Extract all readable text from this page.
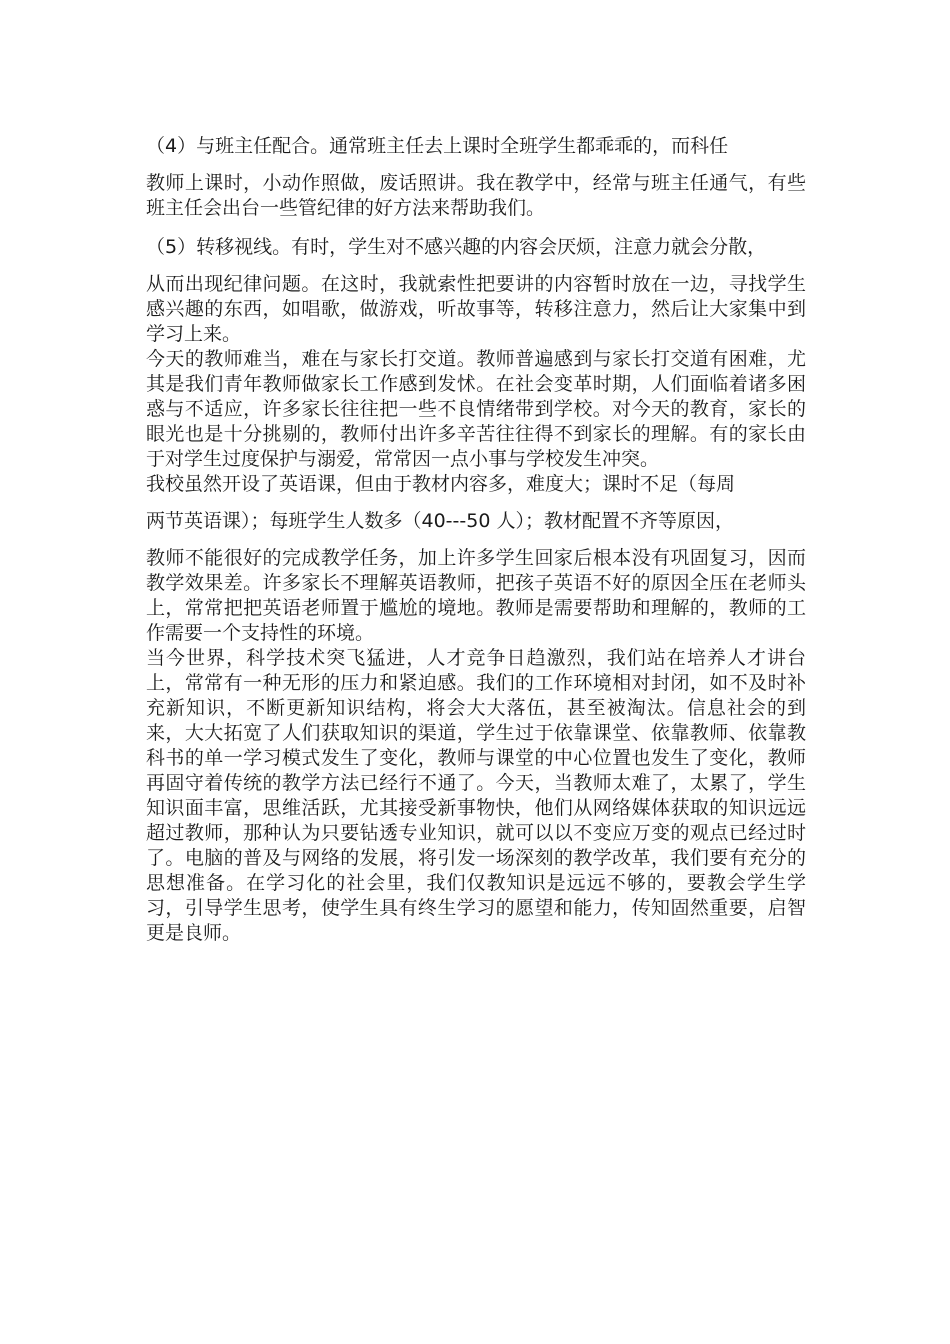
（4）与班主任配合。通常班主任去上课时全班学生都乖乖的，而科任
教师上课时，小动作照做，废话照讲。我在教学中，经常与班主任通气，有些班主任会出台一些管纪律的好方法来帮助我们。

（5）转移视线。有时，学生对不感兴趣的内容会厌烦，注意力就会分散，
从而出现纪律问题。在这时，我就索性把要讲的内容暂时放在一边，寻找学生感兴趣的东西，如唱歌，做游戏，听故事等，转移注意力，然后让大家集中到学习上来。

今天的教师难当，难在与家长打交道。教师普遍感到与家长打交道有困难，尤其是我们青年教师做家长工作感到发怵。在社会变革时期，人们面临着诸多困惑与不适应，许多家长往往把一些不良情绪带到学校。对今天的教育，家长的眼光也是十分挑剔的，教师付出许多辛苦往往得不到家长的理解。有的家长由于对学生过度保护与溺爱，常常因一点小事与学校发生冲突。

我校虽然开设了英语课，但由于教材内容多，难度大；课时不足（每周
两节英语课）；每班学生人数多（40---50 人）；教材配置不齐等原因，
教师不能很好的完成教学任务，加上许多学生回家后根本没有巩固复习，因而教学效果差。许多家长不理解英语教师，把孩子英语不好的原因全压在老师头上，常常把把英语老师置于尴尬的境地。教师是需要帮助和理解的，教师的工作需要一个支持性的环境。

当今世界，科学技术突飞猛进，人才竞争日趋激烈，我们站在培养人才讲台上，常常有一种无形的压力和紧迫感。我们的工作环境相对封闭，如不及时补充新知识，不断更新知识结构，将会大大落伍，甚至被淘汰。信息社会的到来，大大拓宽了人们获取知识的渠道，学生过于依靠课堂、依靠教师、依靠教科书的单一学习模式发生了变化，教师与课堂的中心位置也发生了变化，教师再固守着传统的教学方法已经行不通了。今天，当教师太难了，太累了，学生知识面丰富，思维活跃，尤其接受新事物快，他们从网络媒体获取的知识远远超过教师，那种认为只要钻透专业知识，就可以以不变应万变的观点已经过时了。电脑的普及与网络的发展，将引发一场深刻的教学改革，我们要有充分的思想准备。在学习化的社会里，我们仅教知识是远远不够的，要教会学生学习，引导学生思考，使学生具有终生学习的愿望和能力，传知固然重要，启智更是良师。
